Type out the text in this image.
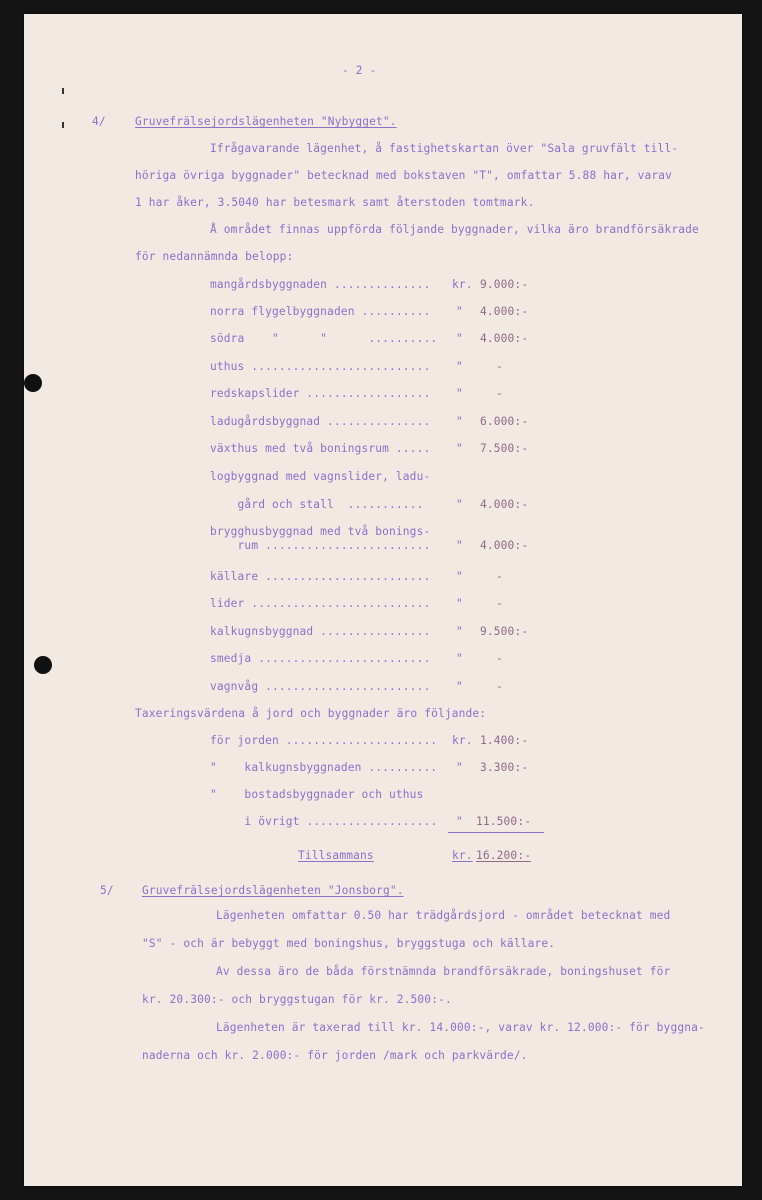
- 2 -
4/	Gruvefrälsejordslägenheten "Nybygget".
Ifrågavarande lägenhet, å fastighetskartan över "Sala gruvfält till-
höriga övriga byggnader" betecknad med bokstaven "T", omfattar 5.88 har, varav
1 har åker, 3.5040 har betesmark samt återstoden tomtmark.
Å området finnas uppförda följande byggnader, vilka äro brandförsäkrade
för nedannämnda belopp:
mangårdsbyggnaden .............. kr. 9.000:-
norra flygelbyggnaden .......... " 4.000:-
södra    "      "      .......... " 4.000:-
uthus .......................... "	-
redskapslider .................. "	-
ladugårdsbyggnad ............... " 6.000:-
växthus med två boningsrum ..... " 7.500:-
logbyggnad med vagnslider, ladu-
gård och stall  ...........	" 4.000:-
brygghusbyggnad med två bonings-
rum ........................ " 4.000:-
källare ........................ "	-
lider .......................... "	-
kalkugnsbyggnad ................ " 9.500:-
smedja ......................... "	-
vagnvåg ........................ "	-
Taxeringsvärdena å jord och byggnader äro följande:
för jorden ...................... kr. 1.400:-
"    kalkugnsbyggnaden .......... " 3.300:-
"    bostadsbyggnader och uthus
i övrigt ................... " 11.500:-
Tillsammans	kr. 16.200:-
5/	Gruvefrälsejordslägenheten "Jonsborg".
Lägenheten omfattar 0.50 har trädgårdsjord - området betecknat med
"S" - och är bebyggt med boningshus, bryggstuga och källare.
Av dessa äro de båda förstnämnda brandförsäkrade, boningshuset för
kr. 20.300:- och bryggstugan för kr. 2.500:-.
Lägenheten är taxerad till kr. 14.000:-, varav kr. 12.000:- för byggna-
naderna och kr. 2.000:- för jorden /mark och parkvärde/.
